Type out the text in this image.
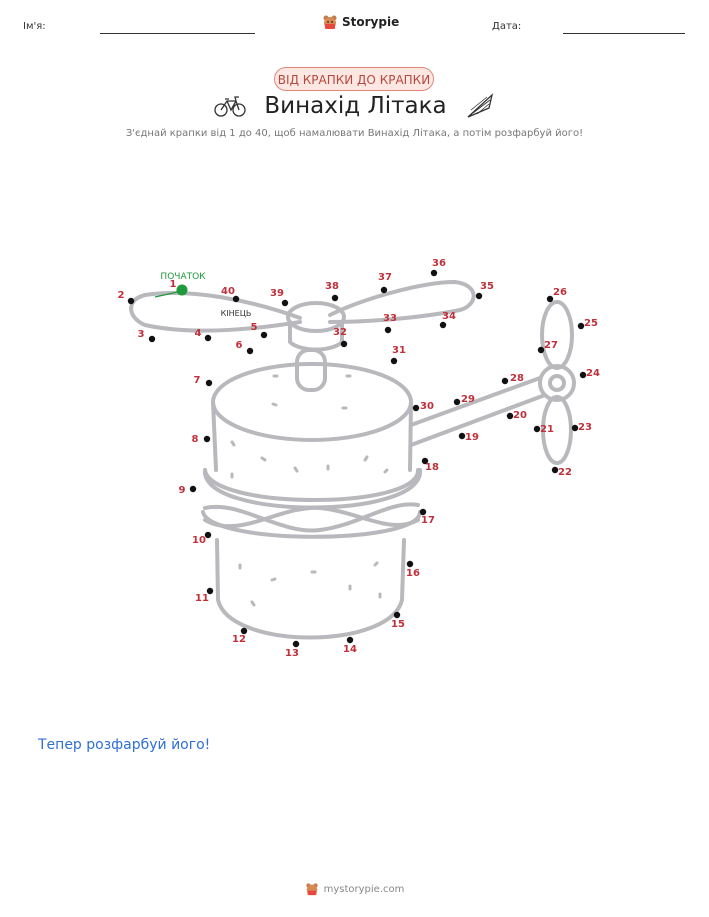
Ім'я:	Storypie	Дата:
ВІД КРАПКИ ДО КРАПКИ
Винахід Літака
З'єднай крапки від 1 до 40, щоб намалювати Винахід Літака, а потім розфарбуй його!
ПОЧАТОК
КІНЕЦЬ
1
2
3	4
5
6
7
8
9
10
11
12
13	14
15
16
17
18
19
20
21
22
23
24
25
26
27
28
29
30
31
32
33	34
35
36
37
38
39
40
Тепер розфарбуй його!
mystorypie.com
